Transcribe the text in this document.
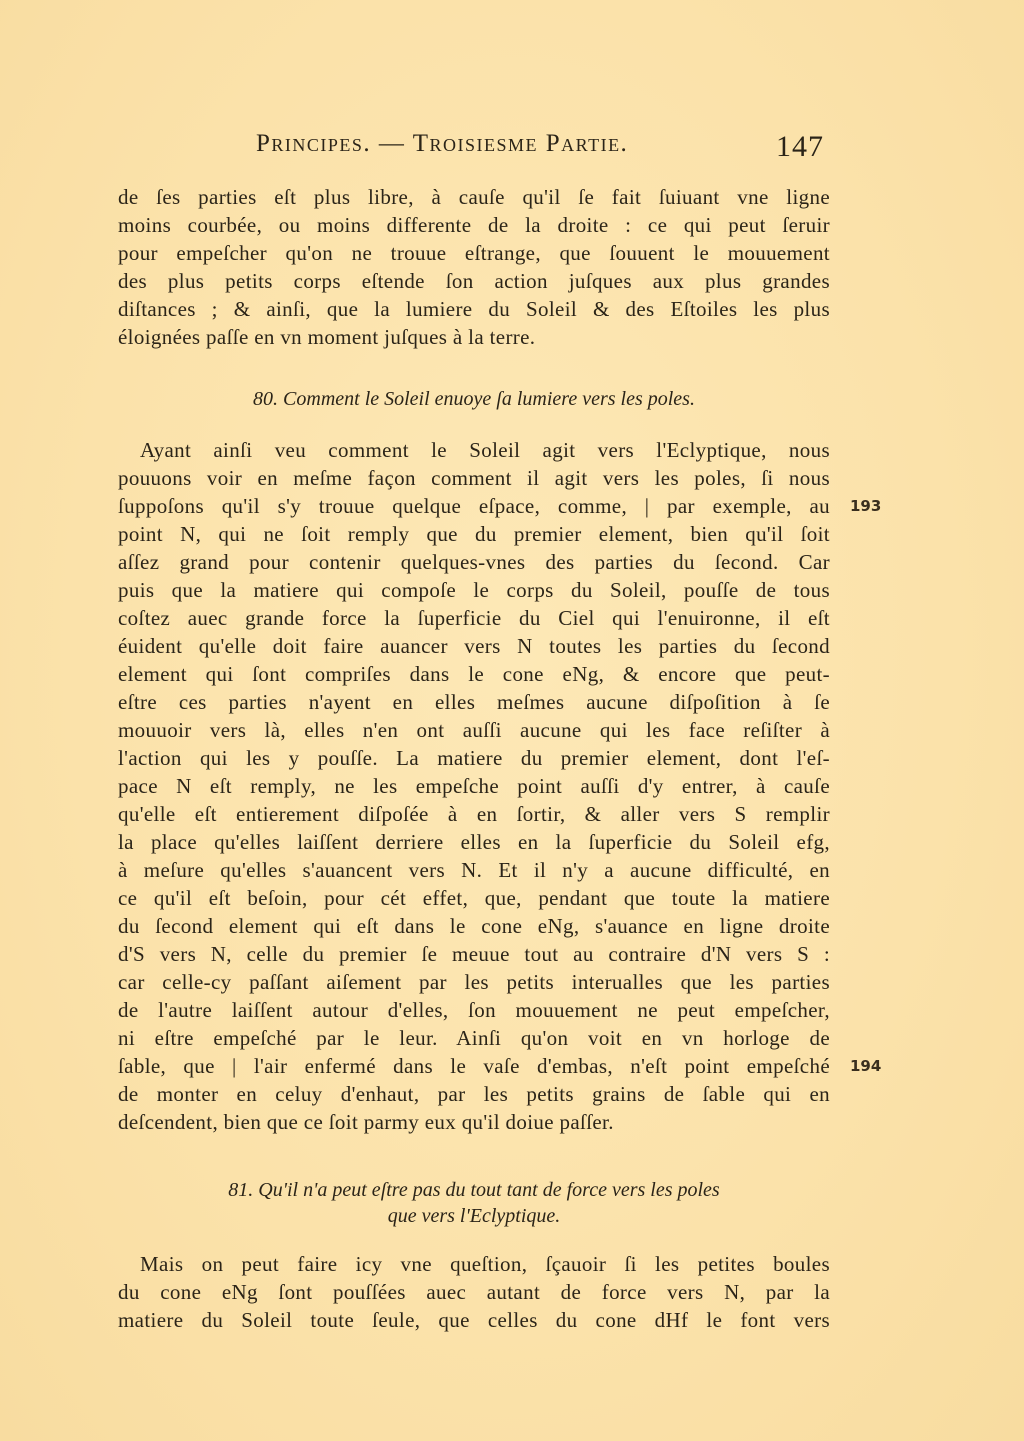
Principes. — Troisiesme Partie.	147
de ſes parties eſt plus libre, à cauſe qu'il ſe fait ſuiuant vne ligne
moins courbée, ou moins differente de la droite : ce qui peut ſeruir
pour empeſcher qu'on ne trouue eſtrange, que ſouuent le mouuement
des plus petits corps eſtende ſon action juſques aux plus grandes
diſtances ; & ainſi, que la lumiere du Soleil & des Eſtoiles les plus
éloignées paſſe en vn moment juſques à la terre.
80. Comment le Soleil enuoye ſa lumiere vers les poles.
Ayant ainſi veu comment le Soleil agit vers l'Eclyptique, nous
pouuons voir en meſme façon comment il agit vers les poles, ſi nous
ſuppoſons qu'il s'y trouue quelque eſpace, comme, | par exemple, au
point N, qui ne ſoit remply que du premier element, bien qu'il ſoit
aſſez grand pour contenir quelques-vnes des parties du ſecond. Car
puis que la matiere qui compoſe le corps du Soleil, pouſſe de tous
coſtez auec grande force la ſuperficie du Ciel qui l'enuironne, il eſt
éuident qu'elle doit faire auancer vers N toutes les parties du ſecond
element qui ſont compriſes dans le cone eNg, & encore que peut-
eſtre ces parties n'ayent en elles meſmes aucune diſpoſition à ſe
mouuoir vers là, elles n'en ont auſſi aucune qui les face reſiſter à
l'action qui les y pouſſe. La matiere du premier element, dont l'eſ-
pace N eſt remply, ne les empeſche point auſſi d'y entrer, à cauſe
qu'elle eſt entierement diſpoſée à en ſortir, & aller vers S remplir
la place qu'elles laiſſent derriere elles en la ſuperficie du Soleil efg,
à meſure qu'elles s'auancent vers N. Et il n'y a aucune difficulté, en
ce qu'il eſt beſoin, pour cét effet, que, pendant que toute la matiere
du ſecond element qui eſt dans le cone eNg, s'auance en ligne droite
d'S vers N, celle du premier ſe meuue tout au contraire d'N vers S :
car celle-cy paſſant aiſement par les petits interualles que les parties
de l'autre laiſſent autour d'elles, ſon mouuement ne peut empeſcher,
ni eſtre empeſché par le leur. Ainſi qu'on voit en vn horloge de
ſable, que | l'air enfermé dans le vaſe d'embas, n'eſt point empeſché
de monter en celuy d'enhaut, par les petits grains de ſable qui en
deſcendent, bien que ce ſoit parmy eux qu'il doiue paſſer.
193
194
81. Qu'il n'a peut eſtre pas du tout tant de force vers les poles
que vers l'Eclyptique.
Mais on peut faire icy vne queſtion, ſçauoir ſi les petites boules
du cone eNg ſont pouſſées auec autant de force vers N, par la
matiere du Soleil toute ſeule, que celles du cone dHf le font vers
